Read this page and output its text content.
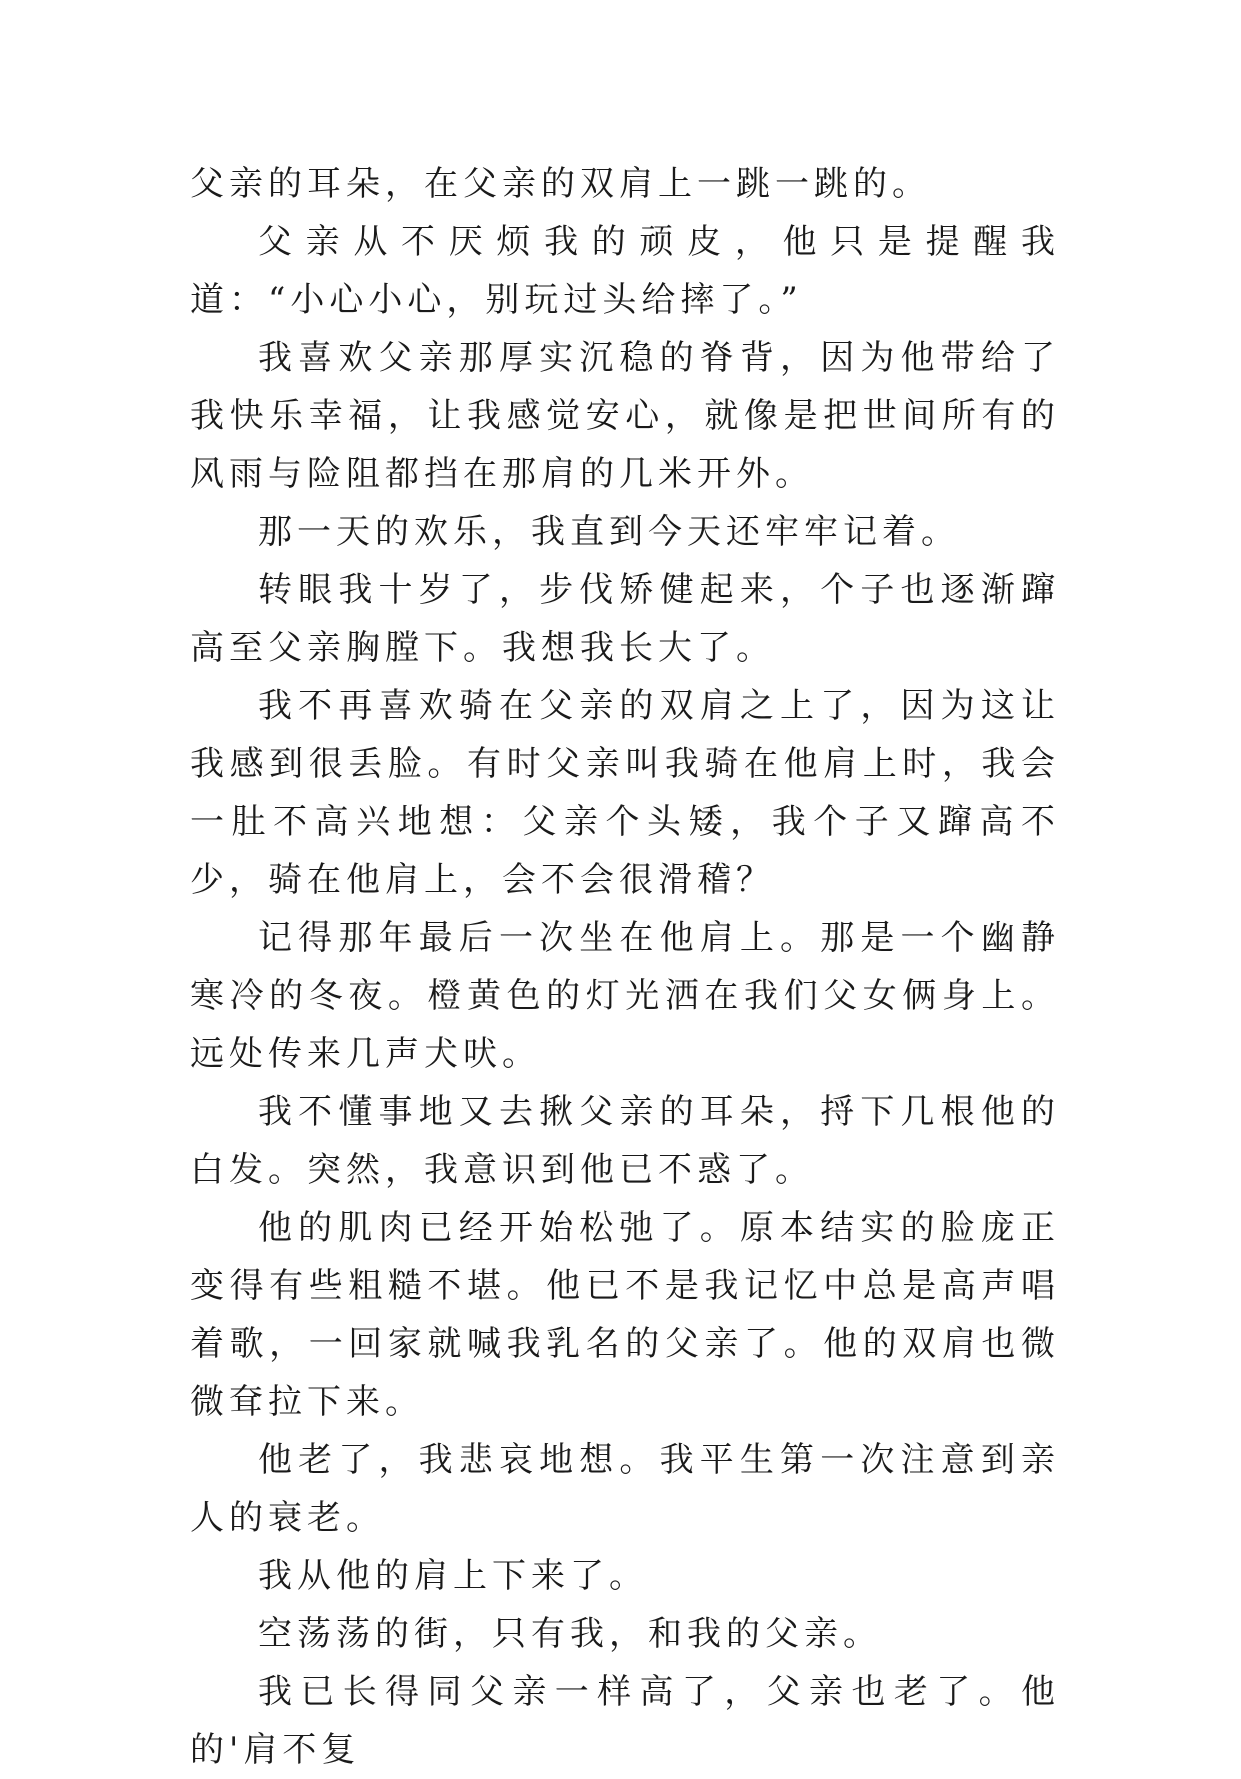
父亲的耳朵，在父亲的双肩上一跳一跳的。

父亲从不厌烦我的顽皮，他只是提醒我道：“小心小心，别玩过头给摔了。”

我喜欢父亲那厚实沉稳的脊背，因为他带给了我快乐幸福，让我感觉安心，就像是把世间所有的风雨与险阻都挡在那肩的几米开外。

那一天的欢乐，我直到今天还牢牢记着。

转眼我十岁了，步伐矫健起来，个子也逐渐蹿高至父亲胸膛下。我想我长大了。

我不再喜欢骑在父亲的双肩之上了，因为这让我感到很丢脸。有时父亲叫我骑在他肩上时，我会一肚不高兴地想：父亲个头矮，我个子又蹿高不少，骑在他肩上，会不会很滑稽？

记得那年最后一次坐在他肩上。那是一个幽静寒冷的冬夜。橙黄色的灯光洒在我们父女俩身上。远处传来几声犬吠。

我不懂事地又去揪父亲的耳朵，捋下几根他的白发。突然，我意识到他已不惑了。

他的肌肉已经开始松弛了。原本结实的脸庞正变得有些粗糙不堪。他已不是我记忆中总是高声唱着歌，一回家就喊我乳名的父亲了。他的双肩也微微耷拉下来。

他老了，我悲哀地想。我平生第一次注意到亲人的衰老。

我从他的肩上下来了。

空荡荡的街，只有我，和我的父亲。

我已长得同父亲一样高了，父亲也老了。他的'肩不复
